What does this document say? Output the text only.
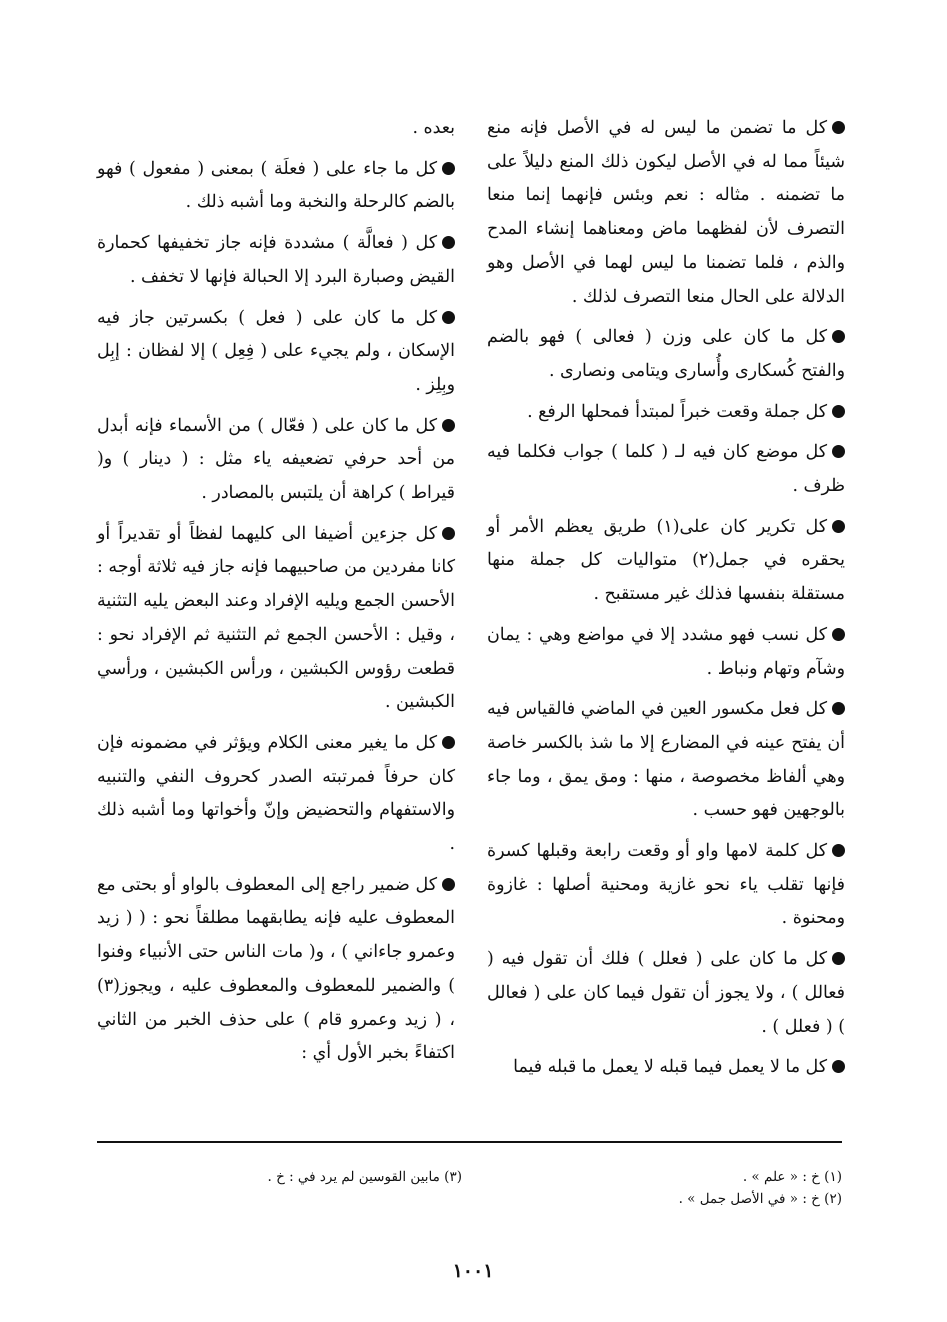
كل ما تضمن ما ليس له في الأصل فإنه منع شيئاً مما له في الأصل ليكون ذلك المنع دليلاً على ما تضمنه . مثاله : نعم وبئس فإنهما إنما منعا التصرف لأن لفظهما ماض ومعناهما إنشاء المدح والذم ، فلما تضمنا ما ليس لهما في الأصل وهو الدلالة على الحال منعا التصرف لذلك .

كل ما كان على وزن ( فعالى ) فهو بالضم والفتح كُسكارى وأُسارى ويتامى ونصارى .

كل جملة وقعت خبراً لمبتدأ فمحلها الرفع .

كل موضع كان فيه لـ ( كلما ) جواب فكلما فيه ظرف .

كل تكرير كان على(١) طريق يعظم الأمر أو يحقره في جمل(٢) متواليات كل جملة منها مستقلة بنفسها فذلك غير مستقبح .

كل نسب فهو مشدد إلا في مواضع وهي : يمان وشآم وتهام ونباط .

كل فعل مكسور العين في الماضي فالقياس فيه أن يفتح عينه في المضارع إلا ما شذ بالكسر خاصة وهي ألفاظ مخصوصة ، منها : ومق يمق ، وما جاء بالوجهين فهو حسب .

كل كلمة لامها واو أو وقعت رابعة وقبلها كسرة فإنها تقلب ياء نحو غازية ومحنية أصلها : غازوة ومحنوة .

كل ما كان على ( فعلل ) فلك أن تقول فيه ( فعالل ) ، ولا يجوز أن تقول فيما كان على ( فعالل ) ( فعلل ) .

كل ما لا يعمل فيما قبله لا يعمل ما قبله فيما

بعده .

كل ما جاء على ( فعلَة ) بمعنى ( مفعول ) فهو بالضم كالرحلة والنخبة وما أشبه ذلك .

كل ( فعالَّة ) مشددة فإنه جاز تخفيفها كحمارة القيض وصبارة البرد إلا الحبالة فإنها لا تخفف .

كل ما كان على ( فعل ) بكسرتين جاز فيه الإسكان ، ولم يجيء على ( فِعِل ) إلا لفظان : إبِل وبِلِز .

كل ما كان على ( فعّال ) من الأسماء فإنه أبدل من أحد حرفي تضعيفه ياء مثل : ( دينار ) و( قيراط ) كراهة أن يلتبس بالمصادر .

كل جزءين أضيفا الى كليهما لفظاً أو تقديراً أو كانا مفردين من صاحبيهما فإنه جاز فيه ثلاثة أوجه : الأحسن الجمع ويليه الإفراد وعند البعض يليه التثنية ، وقيل : الأحسن الجمع ثم التثنية ثم الإفراد نحو : قطعت رؤوس الكبشين ، ورأس الكبشين ، ورأسي الكبشين .

كل ما يغير معنى الكلام ويؤثر في مضمونه فإن كان حرفاً فمرتبته الصدر كحروف النفي والتنبيه والاستفهام والتحضيض وإنّ وأخواتها وما أشبه ذلك .

كل ضمير راجع إلى المعطوف بالواو أو بحتى مع المعطوف عليه فإنه يطابقهما مطلقاً نحو : ( ( زيد وعمرو جاءاني ) ، و( مات الناس حتى الأنبياء وفنوا ) والضمير للمعطوف والمعطوف عليه ، ويجوز(٣) ، ( زيد وعمرو قام ) على حذف الخبر من الثاني اكتفاءً بخبر الأول أي :

(١) خ : « علم » .
(٢) خ : « في الأصل جمل » .
(٣) مابين القوسين لم يرد في : خ .
١٠٠١
